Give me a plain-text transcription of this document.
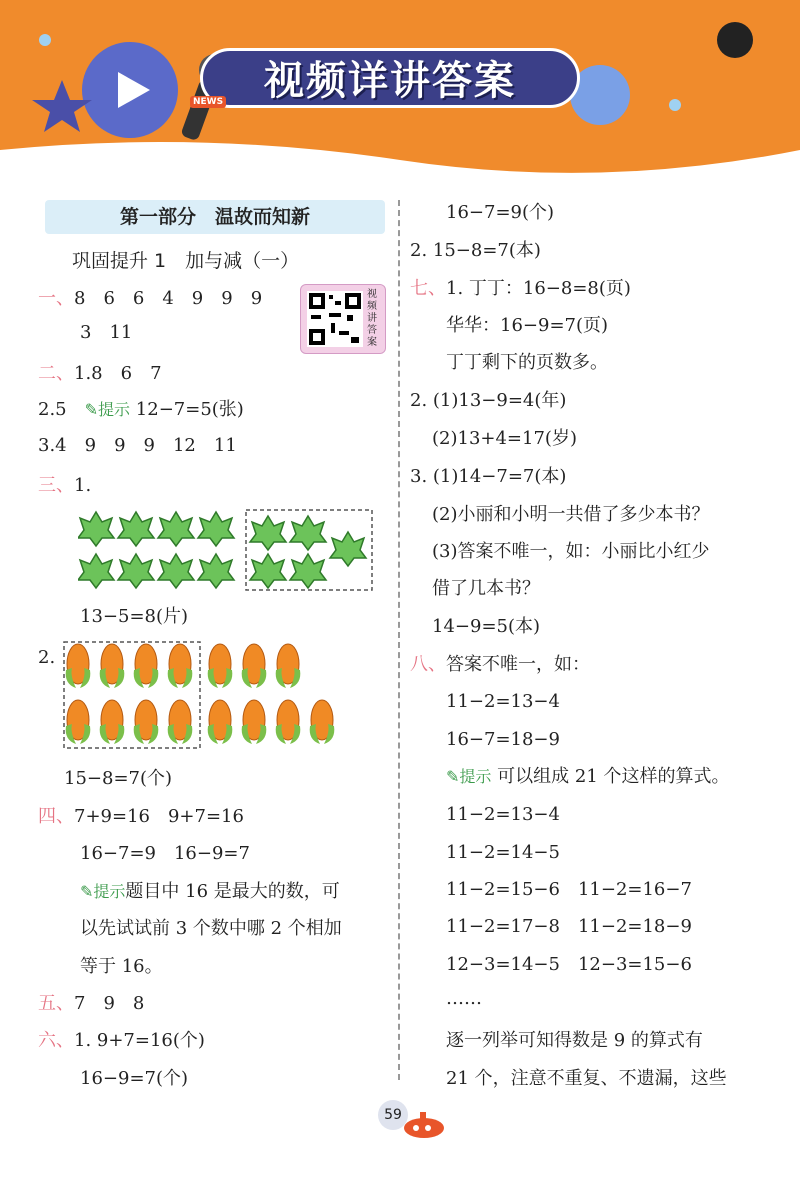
视频详讲答案
第一部分　温故而知新
巩固提升 1　加与减（一）
一、8　6　6　4　9　9　9
3　11
视频讲答案
二、1.8　6　7
2.5　 ✎提示 12−7=5(张)
3.4　9　9　9　12　11
三、1.
13−5=8(片)
2.
15−8=7(个)
四、7+9=16　9+7=16
16−7=9　16−9=7
✎提示题目中 16 是最大的数，可
以先试试前 3 个数中哪 2 个相加
等于 16。
五、7　9　8
六、1. 9+7=16(个)
16−9=7(个)
16−7=9(个)
2. 15−8=7(本)
七、1. 丁丁：16−8=8(页)
华华：16−9=7(页)
丁丁剩下的页数多。
2. (1)13−9=4(年)
(2)13+4=17(岁)
3. (1)14−7=7(本)
(2)小丽和小明一共借了多少本书？
(3)答案不唯一，如：小丽比小红少
借了几本书？
14−9=5(本)
八、答案不唯一，如：
11−2=13−4
16−7=18−9
✎提示 可以组成 21 个这样的算式。
11−2=13−4
11−2=14−5
11−2=15−6　11−2=16−7
11−2=17−8　11−2=18−9
12−3=14−5　12−3=15−6
……
逐一列举可知得数是 9 的算式有
21 个，注意不重复、不遗漏，这些
59
NEWS
